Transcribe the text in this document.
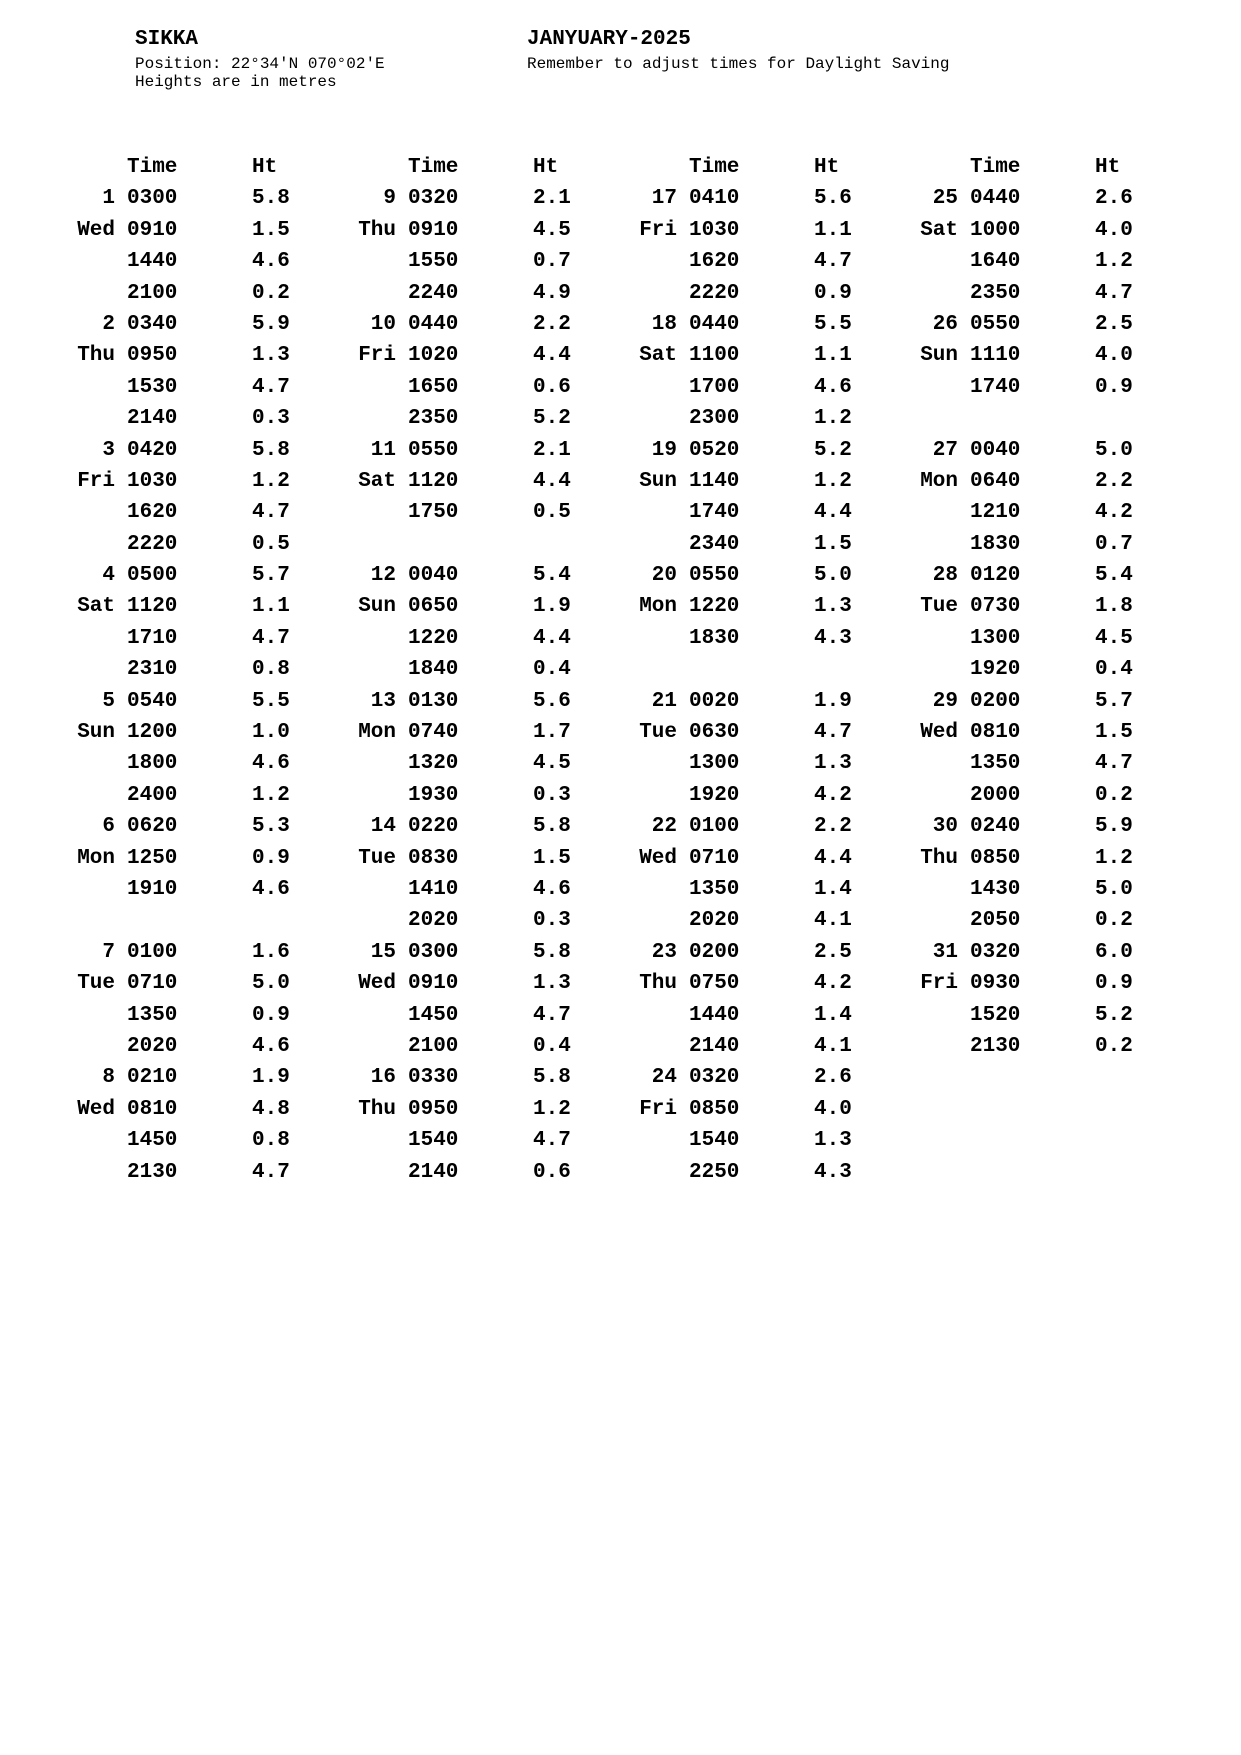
SIKKA	JANYUARY-2025
Position: 22°34'N 070°02'E
Heights are in metres
Remember to adjust times for Daylight Saving
Time	Ht
1 0300	5.8
Wed 0910	1.5
1440	4.6
2100	0.2
2 0340	5.9
Thu 0950	1.3
1530	4.7
2140	0.3
3 0420	5.8
Fri 1030	1.2
1620	4.7
2220	0.5
4 0500	5.7
Sat 1120	1.1
1710	4.7
2310	0.8
5 0540	5.5
Sun 1200	1.0
1800	4.6
2400	1.2
6 0620	5.3
Mon 1250	0.9
1910	4.6
7 0100	1.6
Tue 0710	5.0
1350	0.9
2020	4.6
8 0210	1.9
Wed 0810	4.8
1450	0.8
2130	4.7
Time	Ht
9 0320	2.1
Thu 0910	4.5
1550	0.7
2240	4.9
10 0440	2.2
Fri 1020	4.4
1650	0.6
2350	5.2
11 0550	2.1
Sat 1120	4.4
1750	0.5
12 0040	5.4
Sun 0650	1.9
1220	4.4
1840	0.4
13 0130	5.6
Mon 0740	1.7
1320	4.5
1930	0.3
14 0220	5.8
Tue 0830	1.5
1410	4.6
2020	0.3
15 0300	5.8
Wed 0910	1.3
1450	4.7
2100	0.4
16 0330	5.8
Thu 0950	1.2
1540	4.7
2140	0.6
Time	Ht
17 0410	5.6
Fri 1030	1.1
1620	4.7
2220	0.9
18 0440	5.5
Sat 1100	1.1
1700	4.6
2300	1.2
19 0520	5.2
Sun 1140	1.2
1740	4.4
2340	1.5
20 0550	5.0
Mon 1220	1.3
1830	4.3
21 0020	1.9
Tue 0630	4.7
1300	1.3
1920	4.2
22 0100	2.2
Wed 0710	4.4
1350	1.4
2020	4.1
23 0200	2.5
Thu 0750	4.2
1440	1.4
2140	4.1
24 0320	2.6
Fri 0850	4.0
1540	1.3
2250	4.3
Time	Ht
25 0440	2.6
Sat 1000	4.0
1640	1.2
2350	4.7
26 0550	2.5
Sun 1110	4.0
1740	0.9
27 0040	5.0
Mon 0640	2.2
1210	4.2
1830	0.7
28 0120	5.4
Tue 0730	1.8
1300	4.5
1920	0.4
29 0200	5.7
Wed 0810	1.5
1350	4.7
2000	0.2
30 0240	5.9
Thu 0850	1.2
1430	5.0
2050	0.2
31 0320	6.0
Fri 0930	0.9
1520	5.2
2130	0.2
